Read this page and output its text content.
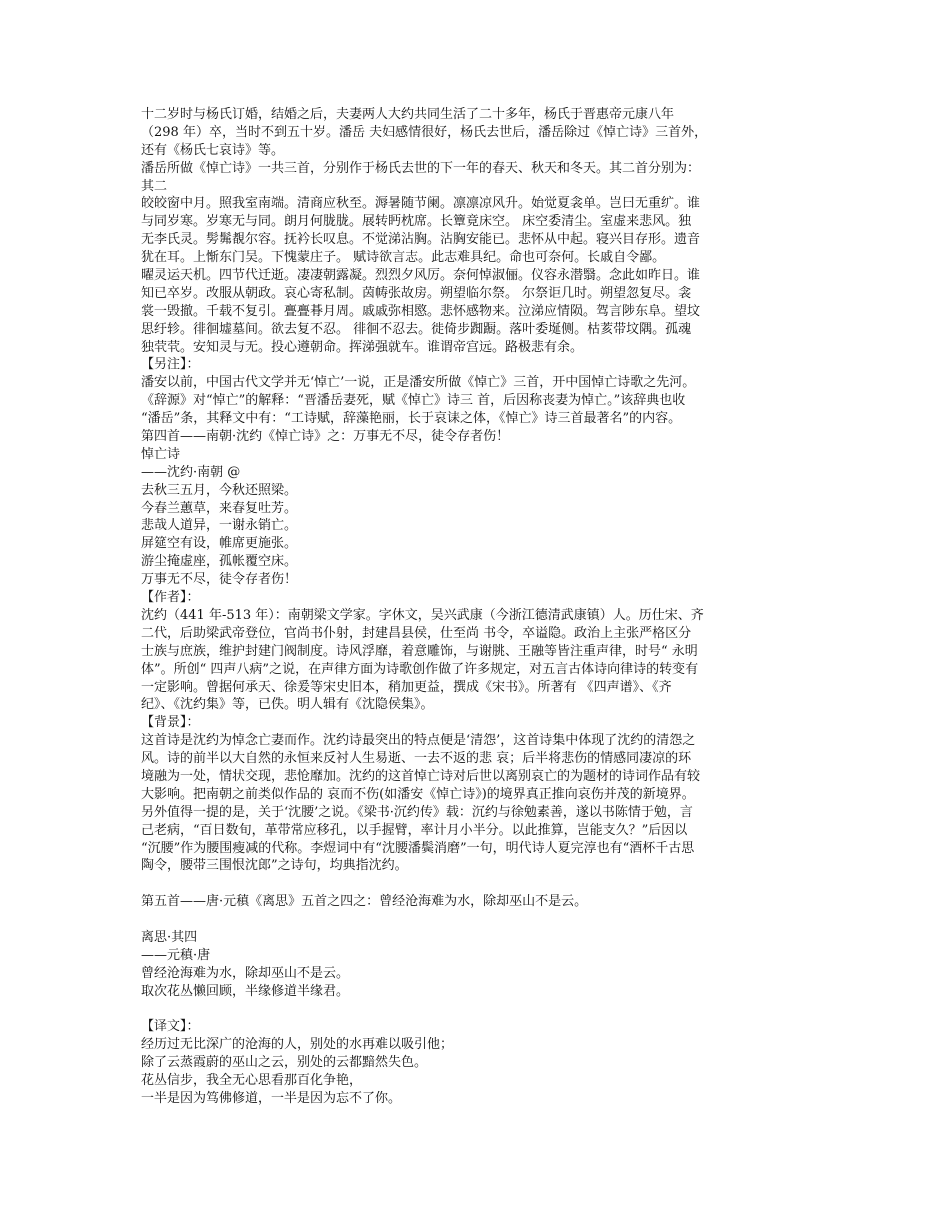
十二岁时与杨氏订婚，结婚之后，夫妻两人大约共同生活了二十多年，杨氏于晋惠帝元康八年
（298 年）卒，当时不到五十岁。潘岳 夫妇感情很好，杨氏去世后，潘岳除过《悼亡诗》三首外，
还有《杨氏七哀诗》等。
潘岳所做《悼亡诗》一共三首，分别作于杨氏去世的下一年的春天、秋天和冬天。其二首分别为：
其二
皎皎窗中月。照我室南端。清商应秋至。溽暑随节阑。凛凛凉风升。始觉夏衾单。岂曰无重纩。谁
与同岁寒。岁寒无与同。朗月何胧胧。展转眄枕席。长簟竟床空。 床空委清尘。室虚来悲风。独
无李氏灵。髣髴覩尔容。抚衿长叹息。不觉涕沾胸。沾胸安能已。悲怀从中起。寝兴目存形。遗音
犹在耳。上惭东门吴。下愧蒙庄子。 赋诗欲言志。此志难具纪。命也可奈何。长戚自令鄙。
曜灵运天机。四节代迁逝。凄凄朝露凝。烈烈夕风厉。奈何悼淑俪。仪容永潜翳。念此如昨日。谁
知已卒岁。改服从朝政。哀心寄私制。茵帱张故房。朔望临尔祭。 尔祭讵几时。朔望忽复尽。衾
裳一毁撤。千载不复引。亹亹朞月周。戚戚弥相愍。悲怀感物来。泣涕应情陨。驾言陟东阜。望坟
思纡轸。徘徊墟墓间。欲去复不忍。 徘徊不忍去。徙倚步踟蹰。落叶委埏侧。枯荄带坟隅。孤魂
独茕茕。安知灵与无。投心遵朝命。挥涕强就车。谁谓帝宫远。路极悲有余。
【另注】：
潘安以前，中国古代文学并无‘悼亡’一说，正是潘安所做《悼亡》三首，开中国悼亡诗歌之先河。
《辞源》对“悼亡”的解释：“晋潘岳妻死，赋《悼亡》诗三 首，后因称丧妻为悼亡。”该辞典也收
“潘岳”条，其释文中有：“工诗赋，辞藻艳丽，长于哀诔之体，《悼亡》诗三首最著名”的内容。
第四首——南朝·沈约《悼亡诗》之：万事无不尽，徒令存者伤！
悼亡诗
——沈约·南朝 @
去秋三五月，今秋还照梁。
今春兰蕙草，来春复吐芳。
悲哉人道异，一谢永销亡。
屏筵空有设，帷席更施张。
游尘掩虚座，孤帐覆空床。
万事无不尽，徒令存者伤！
【作者】：
沈约（441 年-513 年）：南朝梁文学家。字休文，吴兴武康（今浙江德清武康镇）人。历仕宋、齐
二代，后助梁武帝登位，官尚书仆射，封建昌县侯，仕至尚 书令，卒谥隐。政治上主张严格区分
士族与庶族，维护封建门阀制度。诗风浮靡，着意雕饰，与谢朓、王融等皆注重声律，时号“ 永明
体”。所创“ 四声八病”之说，在声律方面为诗歌创作做了许多规定，对五言古体诗向律诗的转变有
一定影响。曾据何承天、徐爰等宋史旧本，稍加更益，撰成《宋书》。所著有 《四声谱》、《齐
纪》、《沈约集》等，已佚。明人辑有《沈隐侯集》。
【背景】：
这首诗是沈约为悼念亡妻而作。沈约诗最突出的特点便是‘清怨’，这首诗集中体现了沈约的清怨之
风。诗的前半以大自然的永恒来反衬人生易逝、一去不返的悲 哀；后半将悲伤的情感同凄凉的环
境融为一处，情状交现，悲怆靡加。沈约的这首悼亡诗对后世以离别哀亡的为题材的诗词作品有较
大影响。把南朝之前类似作品的 哀而不伤(如潘安《悼亡诗》)的境界真正推向哀伤并茂的新境界。
另外值得一提的是，关于‘沈腰’之说。《梁书·沉约传》载：沉约与徐勉素善，遂以书陈情于勉，言
己老病，“百日数旬，革带常应移孔，以手握臂，率计月小半分。以此推算，岂能支久？”后因以
“沉腰”作为腰围瘦减的代称。李煜词中有“沈腰潘鬓消磨”一句，明代诗人夏完淳也有“酒杯千古思
陶令，腰带三围恨沈郎”之诗句，均典指沈约。
第五首——唐·元稹《离思》五首之四之：曾经沧海难为水，除却巫山不是云。
离思·其四
——元稹·唐
曾经沧海难为水，除却巫山不是云。
取次花丛懒回顾，半缘修道半缘君。
【译文】：
经历过无比深广的沧海的人，别处的水再难以吸引他；
除了云蒸霞蔚的巫山之云，别处的云都黯然失色。
花丛信步，我全无心思看那百化争艳，
一半是因为笃佛修道，一半是因为忘不了你。
